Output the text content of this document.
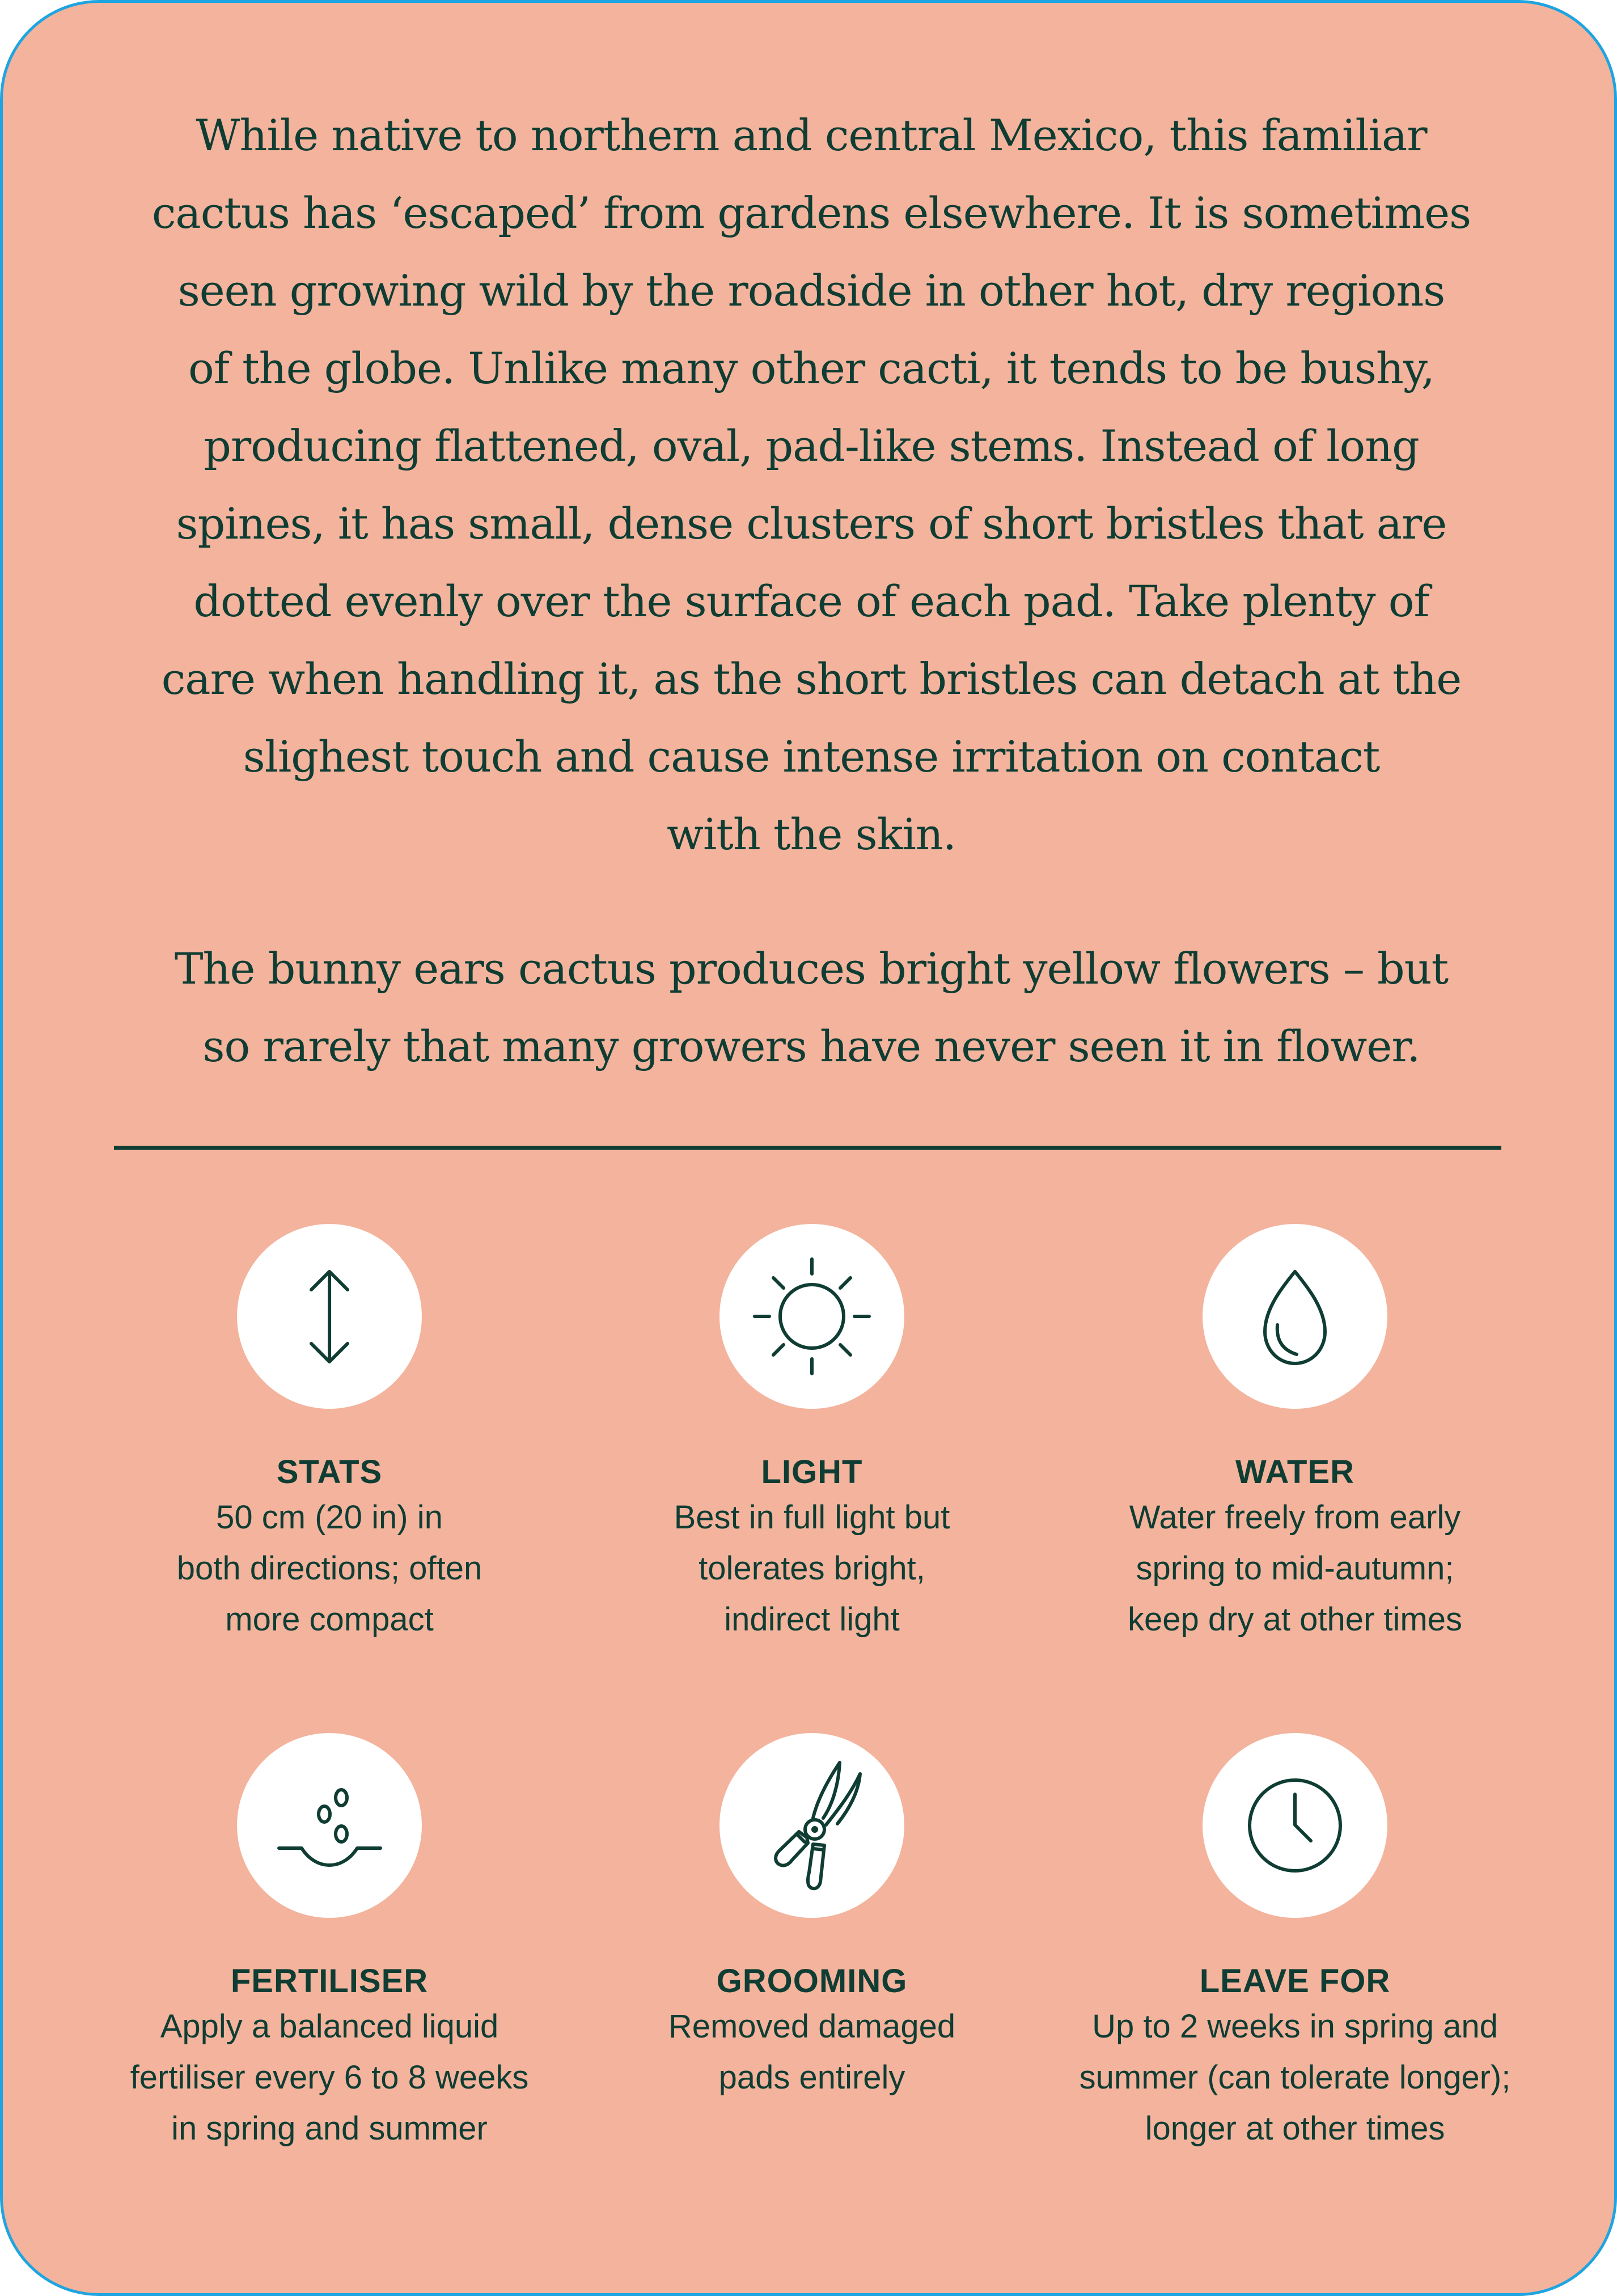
While native to northern and central Mexico, this familiar
cactus has ‘escaped’ from gardens elsewhere. It is sometimes
seen growing wild by the roadside in other hot, dry regions
of the globe. Unlike many other cacti, it tends to be bushy,
producing flattened, oval, pad-like stems. Instead of long
spines, it has small, dense clusters of short bristles that are
dotted evenly over the surface of each pad. Take plenty of
care when handling it, as the short bristles can detach at the
slighest touch and cause intense irritation on contact
with the skin.
The bunny ears cactus produces bright yellow flowers – but
so rarely that many growers have never seen it in flower.
STATS
50 cm (20 in) in
both directions; often
more compact
LIGHT
Best in full light but
tolerates bright,
indirect light
WATER
Water freely from early
spring to mid-autumn;
keep dry at other times
FERTILISER
Apply a balanced liquid
fertiliser every 6 to 8 weeks
in spring and summer
GROOMING
Removed damaged
pads entirely
LEAVE FOR
Up to 2 weeks in spring and
summer (can tolerate longer);
longer at other times
